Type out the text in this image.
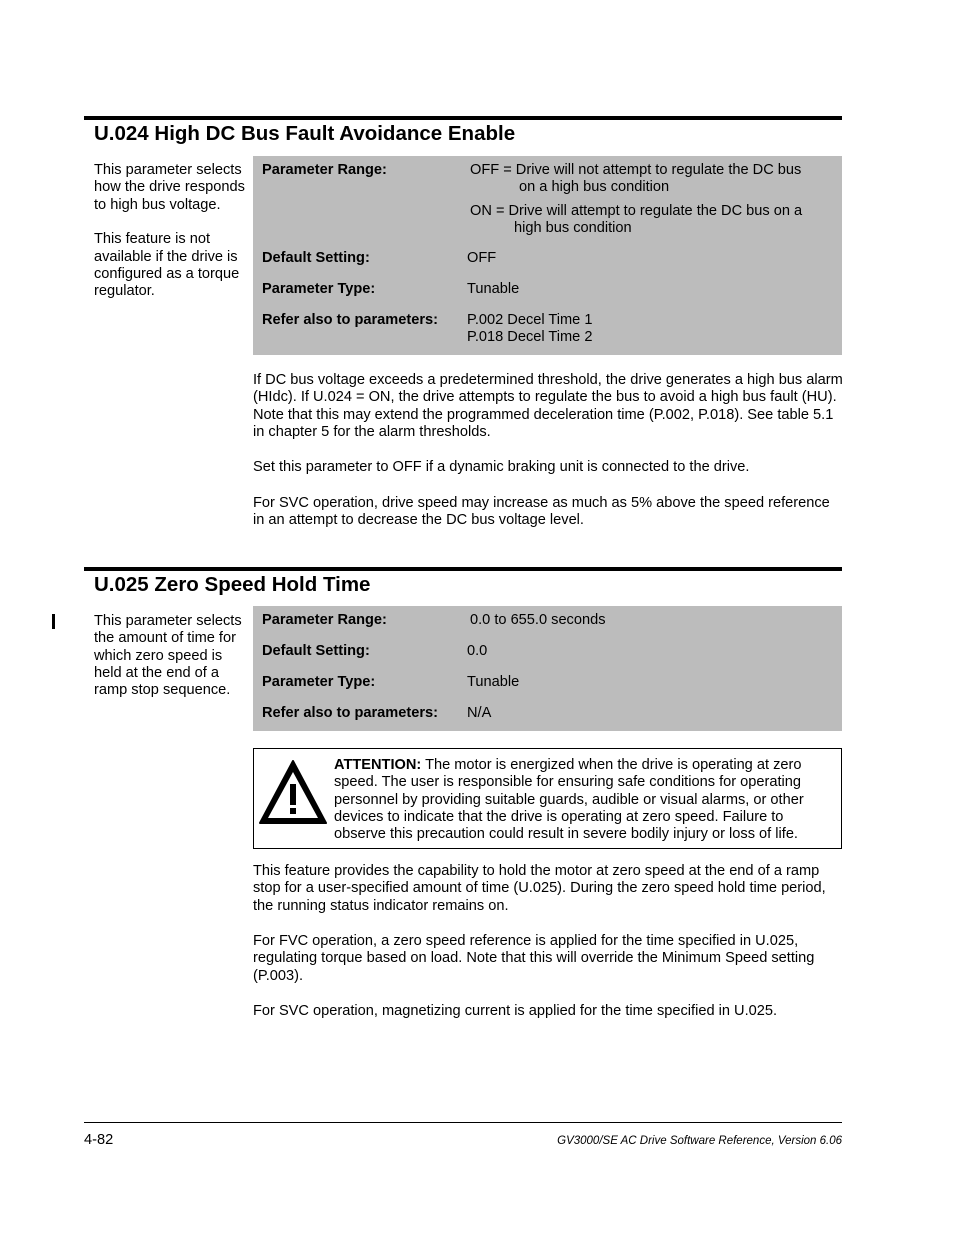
U.024 High DC Bus Fault Avoidance Enable

This parameter selects how the drive responds to high bus voltage.

This feature is not available if the drive is configured as a torque regulator.

Parameter Range:	OFF = Drive will not attempt to regulate the DC bus
on a high bus condition
ON = Drive will attempt to regulate the DC bus on a
high bus condition
Default Setting:	OFF
Parameter Type:	Tunable
Refer also to parameters: P.002 Decel Time 1
P.018 Decel Time 2

If DC bus voltage exceeds a predetermined threshold, the drive generates a high bus alarm (HIdc). If U.024 = ON, the drive attempts to regulate the bus to avoid a high bus fault (HU). Note that this may extend the programmed deceleration time (P.002, P.018). See table 5.1 in chapter 5 for the alarm thresholds.

Set this parameter to OFF if a dynamic braking unit is connected to the drive.

For SVC operation, drive speed may increase as much as 5% above the speed reference in an attempt to decrease the DC bus voltage level.

U.025 Zero Speed Hold Time

This parameter selects the amount of time for which zero speed is held at the end of a ramp stop sequence.

Parameter Range:	0.0 to 655.0 seconds
Default Setting:	0.0
Parameter Type:	Tunable
Refer also to parameters: N/A
ATTENTION: The motor is energized when the drive is operating at zero speed. The user is responsible for ensuring safe conditions for operating personnel by providing suitable guards, audible or visual alarms, or other devices to indicate that the drive is operating at zero speed. Failure to observe this precaution could result in severe bodily injury or loss of life.

This feature provides the capability to hold the motor at zero speed at the end of a ramp stop for a user-specified amount of time (U.025). During the zero speed hold time period, the running status indicator remains on.

For FVC operation, a zero speed reference is applied for the time specified in U.025, regulating torque based on load. Note that this will override the Minimum Speed setting (P.003).

For SVC operation, magnetizing current is applied for the time specified in U.025.

4-82	GV3000/SE AC Drive Software Reference, Version 6.06
